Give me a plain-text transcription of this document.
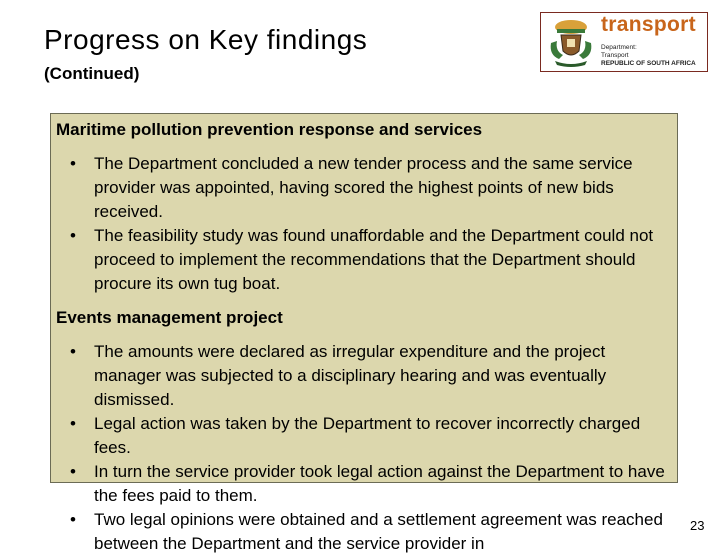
Progress on Key findings
(Continued)
transport
Department:
Transport
REPUBLIC OF SOUTH AFRICA

Maritime pollution prevention response and services

• The Department concluded a new tender process and the same service provider was appointed, having scored the highest points of new bids received.
• The feasibility study was found unaffordable and the Department could not proceed to implement the recommendations that the Department should procure its own tug boat.

Events management project

• The amounts were declared as irregular expenditure and the project manager was subjected to a disciplinary hearing and was eventually dismissed.
• Legal action was taken by the Department to recover incorrectly charged fees.
• In turn the service provider took legal action against the Department to have the fees paid to them.
• Two legal opinions were obtained and a settlement agreement was reached between the Department and the service provider in
23
